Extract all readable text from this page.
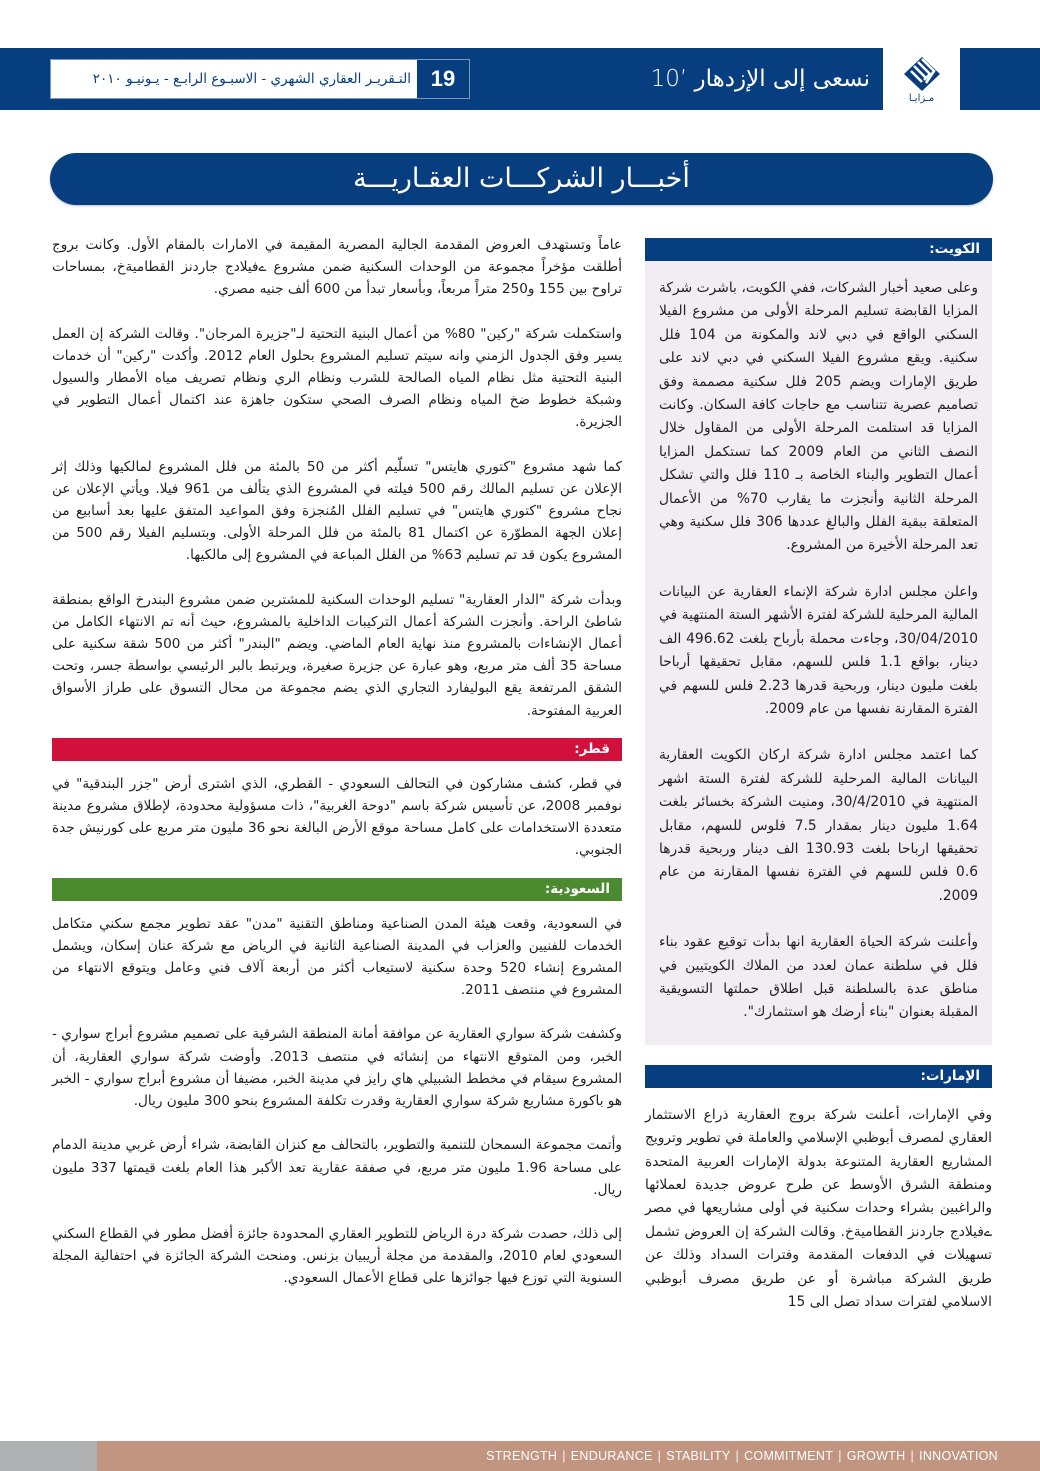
مـزايـا
نسعى إلى الإزدهار ’10
التـقريـر العقاري الشهري - الاسبـوع الرابـع - يـونيـو ٢٠١٠ 19
أخبـــار الشركـــات العقـاريـــة

عاماً وتستهدف العروض المقدمة الجالية المصرية المقيمة في الامارات بالمقام الأول. وكانت بروج أطلقت مؤخراً مجموعة من الوحدات السكنية ضمن مشروع ےفيلادج جاردنز القطاميةخ، بمساحات تراوح بين 155 و250 متراً مربعاً، وبأسعار تبدأ من 600 ألف جنيه مصري.

واستكملت شركة "ركين" 80% من أعمال البنية التحتية لـ"جزيرة المرجان". وقالت الشركة إن العمل يسير وفق الجدول الزمني وانه سيتم تسليم المشروع بحلول العام 2012. وأكدت "ركين" أن خدمات البنية التحتية مثل نظام المياه الصالحة للشرب ونظام الري ونظام تصريف مياه الأمطار والسيول وشبكة خطوط ضخ المياه ونظام الصرف الصحي ستكون جاهزة عند اكتمال أعمال التطوير في الجزيرة.

كما شهد مشروع "كتوري هايتس" تسلّيم أكثر من 50 بالمئة من فلل المشروع لمالكيها وذلك إثر الإعلان عن تسليم المالك رقم 500 فيلته في المشروع الذي يتألف من 961 فيلا. ويأتي الإعلان عن نجاح مشروع "كتوري هايتس" في تسليم الفلل المُنجزة وفق المواعيد المتفق عليها بعد أسابيع من إعلان الجهة المطوّرة عن اكتمال 81 بالمئة من فلل المرحلة الأولى. وبتسليم الفيلا رقم 500 من المشروع يكون قد تم تسليم 63% من الفلل المباعة في المشروع إلى مالكيها.

وبدأت شركة "الدار العقارية" تسليم الوحدات السكنية للمشترين ضمن مشروع البندرخ الواقع بمنطقة شاطئ الراحة. وأنجزت الشركة أعمال التركيبات الداخلية بالمشروع، حيث أنه تم الانتهاء الكامل من أعمال الإنشاءات بالمشروع منذ نهاية العام الماضي. ويضم "البندر" أكثر من 500 شقة سكنية على مساحة 35 ألف متر مربع، وهو عبارة عن جزيرة صغيرة، ويرتبط بالبر الرئيسي بواسطة جسر، وتحت الشقق المرتفعة يقع البوليفارد التجاري الذي يضم مجموعة من محال التسوق على طراز الأسواق العربية المفتوحة.

قطر:

في قطر، كشف مشاركون في التحالف السعودي - القطري، الذي اشترى أرض "جزر البندقية" في نوفمبر 2008، عن تأسيس شركة باسم "دوحة الغربية"، ذات مسؤولية محدودة، لإطلاق مشروع مدينة متعددة الاستخدامات على كامل مساحة موقع الأرض البالغة نحو 36 مليون متر مربع على كورنيش جدة الجنوبي.

السعودية:

في السعودية، وقعت هيئة المدن الصناعية ومناطق التقنية "مدن" عقد تطوير مجمع سكني متكامل الخدمات للفنيين والعزاب في المدينة الصناعية الثانية في الرياض مع شركة عنان إسكان، ويشمل المشروع إنشاء 520 وحدة سكنية لاستيعاب أكثر من أربعة آلاف فني وعامل ويتوقع الانتهاء من المشروع في منتصف 2011.

وكشفت شركة سواري العقارية عن موافقة أمانة المنطقة الشرقية على تصميم مشروع أبراج سواري - الخبر، ومن المتوقع الانتهاء من إنشائه في منتصف 2013. وأوضت شركة سواري العقارية، أن المشروع سيقام في مخطط الشبيلي هاي رايز في مدينة الخبر، مضيفا أن مشروع أبراج سواري - الخبر هو باكورة مشاريع شركة سواري العقارية وقدرت تكلفة المشروع بنحو 300 مليون ريال.

وأتمت مجموعة السمحان للتنمية والتطوير، بالتحالف مع كنزان القابضة، شراء أرض غربي مدينة الدمام على مساحة 1.96 مليون متر مربع، في صفقة عقارية تعد الأكبر هذا العام بلغت قيمتها 337 مليون ريال.

إلى ذلك، حصدت شركة درة الرياض للتطوير العقاري المحدودة جائزة أفضل مطور في القطاع السكني السعودي لعام 2010، والمقدمة من مجلة أريبيان بزنس. ومنحت الشركة الجائزة في احتفالية المجلة السنوية التي توزع فيها جوائزها على قطاع الأعمال السعودي.

الكويت:

وعلى صعيد أخبار الشركات، ففي الكويت، باشرت شركة المزايا القابضة تسليم المرحلة الأولى من مشروع الفيلا السكني الواقع في دبي لاند والمكونة من 104 فلل سكنية. ويقع مشروع الفيلا السكني في دبي لاند على طريق الإمارات ويضم 205 فلل سكنية مصممة وفق تصاميم عصرية تتناسب مع حاجات كافة السكان. وكانت المزايا قد استلمت المرحلة الأولى من المقاول خلال النصف الثاني من العام 2009 كما تستكمل المزايا أعمال التطوير والبناء الخاصة بـ 110 فلل والتي تشكل المرحلة الثانية وأنجزت ما يقارب 70% من الأعمال المتعلقة ببقية الفلل والبالغ عددها 306 فلل سكنية وهي تعد المرحلة الأخيرة من المشروع.

واعلن مجلس ادارة شركة الإنماء العقارية عن البيانات المالية المرحلية للشركة لفترة الأشهر الستة المنتهية في 30/04/2010، وجاءت محملة بأرباح بلغت 496.62 الف دينار، بواقع 1.1 فلس للسهم، مقابل تحقيقها أرباحا بلغت مليون دينار، وربحية قدرها 2.23 فلس للسهم في الفترة المقارنة نفسها من عام 2009.

كما اعتمد مجلس ادارة شركة اركان الكويت العقارية البيانات المالية المرحلية للشركة لفترة الستة اشهر المنتهية في 30/4/2010، ومنيت الشركة بخسائر بلغت 1.64 مليون دينار بمقدار 7.5 فلوس للسهم، مقابل تحقيقها ارباحا بلغت 130.93 الف دينار وربحية قدرها 0.6 فلس للسهم في الفترة نفسها المقارنة من عام 2009.

وأعلنت شركة الحياة العقارية انها بدأت توقيع عقود بناء فلل في سلطنة عمان لعدد من الملاك الكويتيين في مناطق عدة بالسلطنة قبل اطلاق حملتها التسويقية المقبلة بعنوان "بناء أرضك هو استثمارك".

الإمارات:

وفي الإمارات، أعلنت شركة بروج العقارية ذراع الاستثمار العقاري لمصرف أبوظبي الإسلامي والعاملة في تطوير وترويج المشاريع العقارية المتنوعة بدولة الإمارات العربية المتحدة ومنطقة الشرق الأوسط عن طرح عروض جديدة لعملائها والراغبين بشراء وحدات سكنية في أولى مشاريعها في مصر ےفيلادج جاردنز القطاميةخ. وقالت الشركة إن العروض تشمل تسهيلات في الدفعات المقدمة وفترات السداد وذلك عن طريق الشركة مباشرة أو عن طريق مصرف أبوظبي الاسلامي لفترات سداد تصل الى 15

STRENGTH | ENDURANCE | STABILITY | COMMITMENT | GROWTH | INNOVATION
